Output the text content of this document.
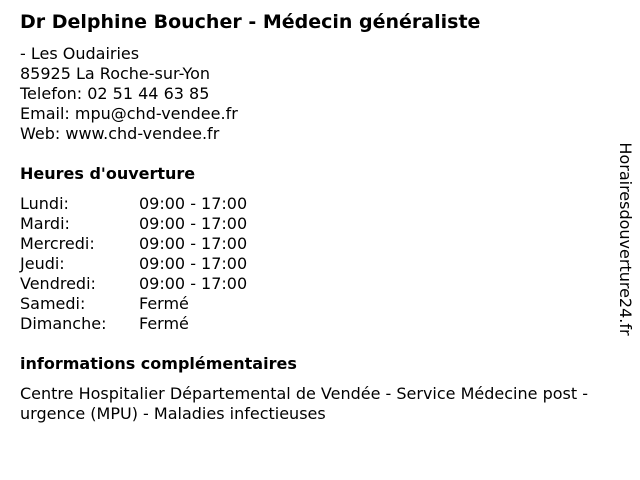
Dr Delphine Boucher - Médecin généraliste
- Les Oudairies
85925 La Roche-sur-Yon
Telefon: 02 51 44 63 85
Email: mpu@chd-vendee.fr
Web: www.chd-vendee.fr
Heures d'ouverture
Lundi:	09:00 - 17:00
Mardi:	09:00 - 17:00
Mercredi:	09:00 - 17:00
Jeudi:	09:00 - 17:00
Vendredi:	09:00 - 17:00
Samedi:	Fermé
Dimanche:	Fermé
informations complémentaires
Centre Hospitalier Départemental de Vendée - Service Médecine post -urgence (MPU) - Maladies infectieuses
Horairesdouverture24.fr
